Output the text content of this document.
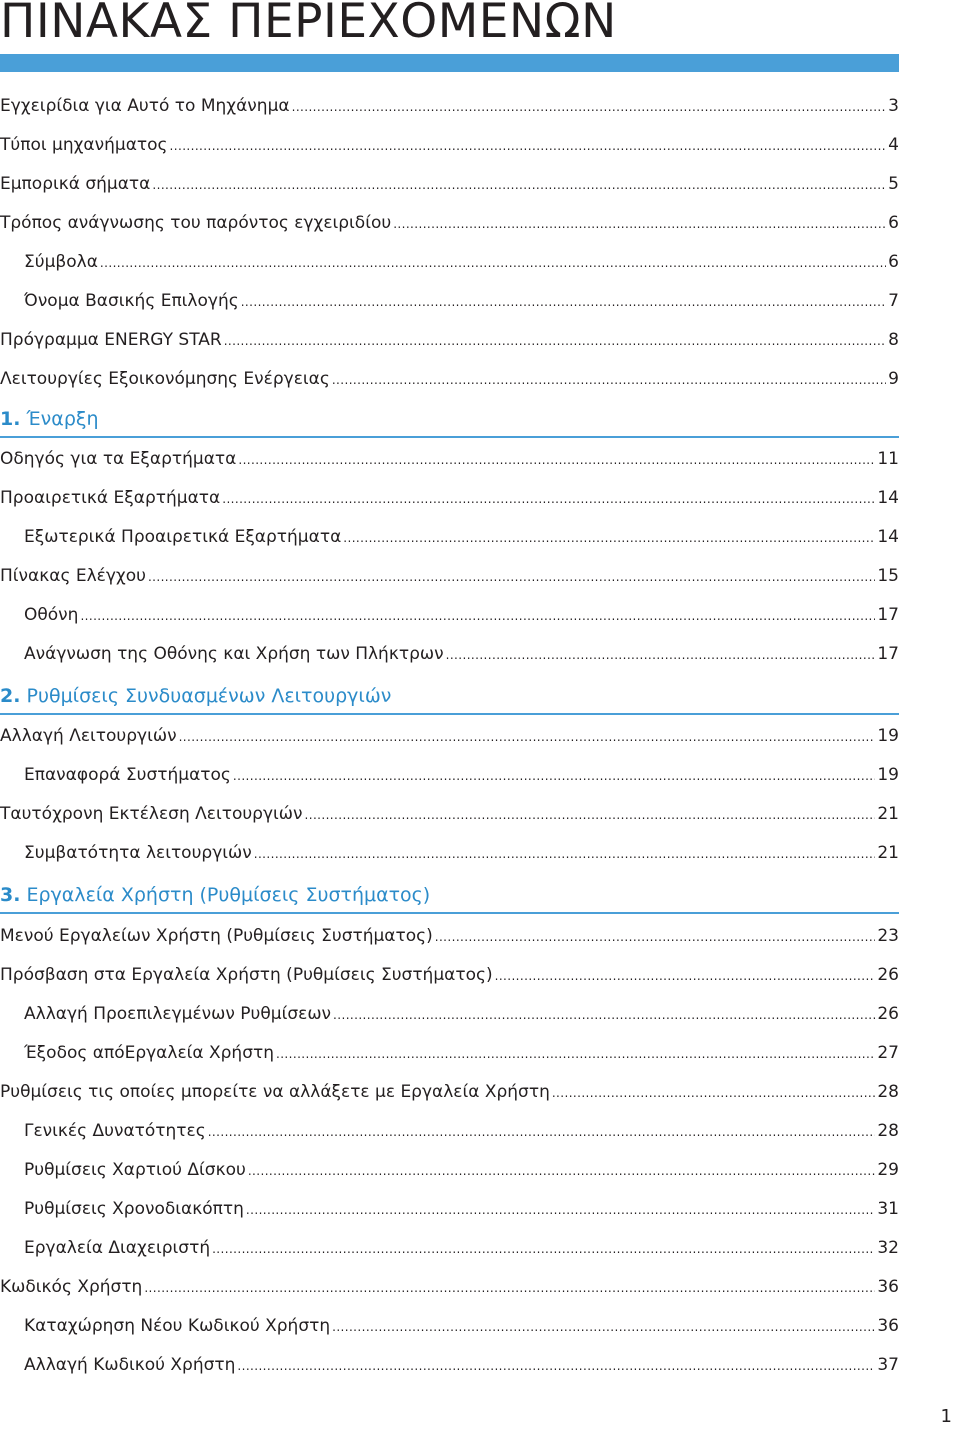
ΠΙΝΑΚΑΣ ΠΕΡΙΕΧΟΜΕΝΩΝ
Εγχειρίδια για Αυτό το Μηχάνημα .....	3
Τύποι μηχανήματος .....	4
Εμπορικά σήματα .....	5
Τρόπος ανάγνωσης του παρόντος εγχειριδίου .....	6
Σύμβολα .....	6
Όνομα Βασικής Επιλογής .....	7
Πρόγραμμα ENERGY STAR .....	8
Λειτουργίες Εξοικονόμησης Ενέργειας .....	9
1. Έναρξη
Οδηγός για τα Εξαρτήματα .....	11
Προαιρετικά Εξαρτήματα .....	14
Εξωτερικά Προαιρετικά Εξαρτήματα .....	14
Πίνακας Ελέγχου .....	15
Οθόνη .....	17
Ανάγνωση της Οθόνης και Χρήση των Πλήκτρων .....	17
2. Ρυθμίσεις Συνδυασμένων Λειτουργιών
Αλλαγή Λειτουργιών .....	19
Επαναφορά Συστήματος .....	19
Ταυτόχρονη Εκτέλεση Λειτουργιών .....	21
Συμβατότητα λειτουργιών .....	21
3. Εργαλεία Χρήστη (Ρυθμίσεις Συστήματος)
Μενού Εργαλείων Χρήστη (Ρυθμίσεις Συστήματος) .....	23
Πρόσβαση στα Εργαλεία Χρήστη (Ρυθμίσεις Συστήματος) .....	26
Αλλαγή Προεπιλεγμένων Ρυθμίσεων .....	26
Έξοδος απόΕργαλεία Χρήστη .....	27
Ρυθμίσεις τις οποίες μπορείτε να αλλάξετε με Εργαλεία Χρήστη .....	28
Γενικές Δυνατότητες .....	28
Ρυθμίσεις Χαρτιού Δίσκου .....	29
Ρυθμίσεις Χρονοδιακόπτη .....	31
Εργαλεία Διαχειριστή .....	32
Κωδικός Χρήστη .....	36
Καταχώρηση Νέου Κωδικού Χρήστη .....	36
Αλλαγή Κωδικού Χρήστη .....	37
1
